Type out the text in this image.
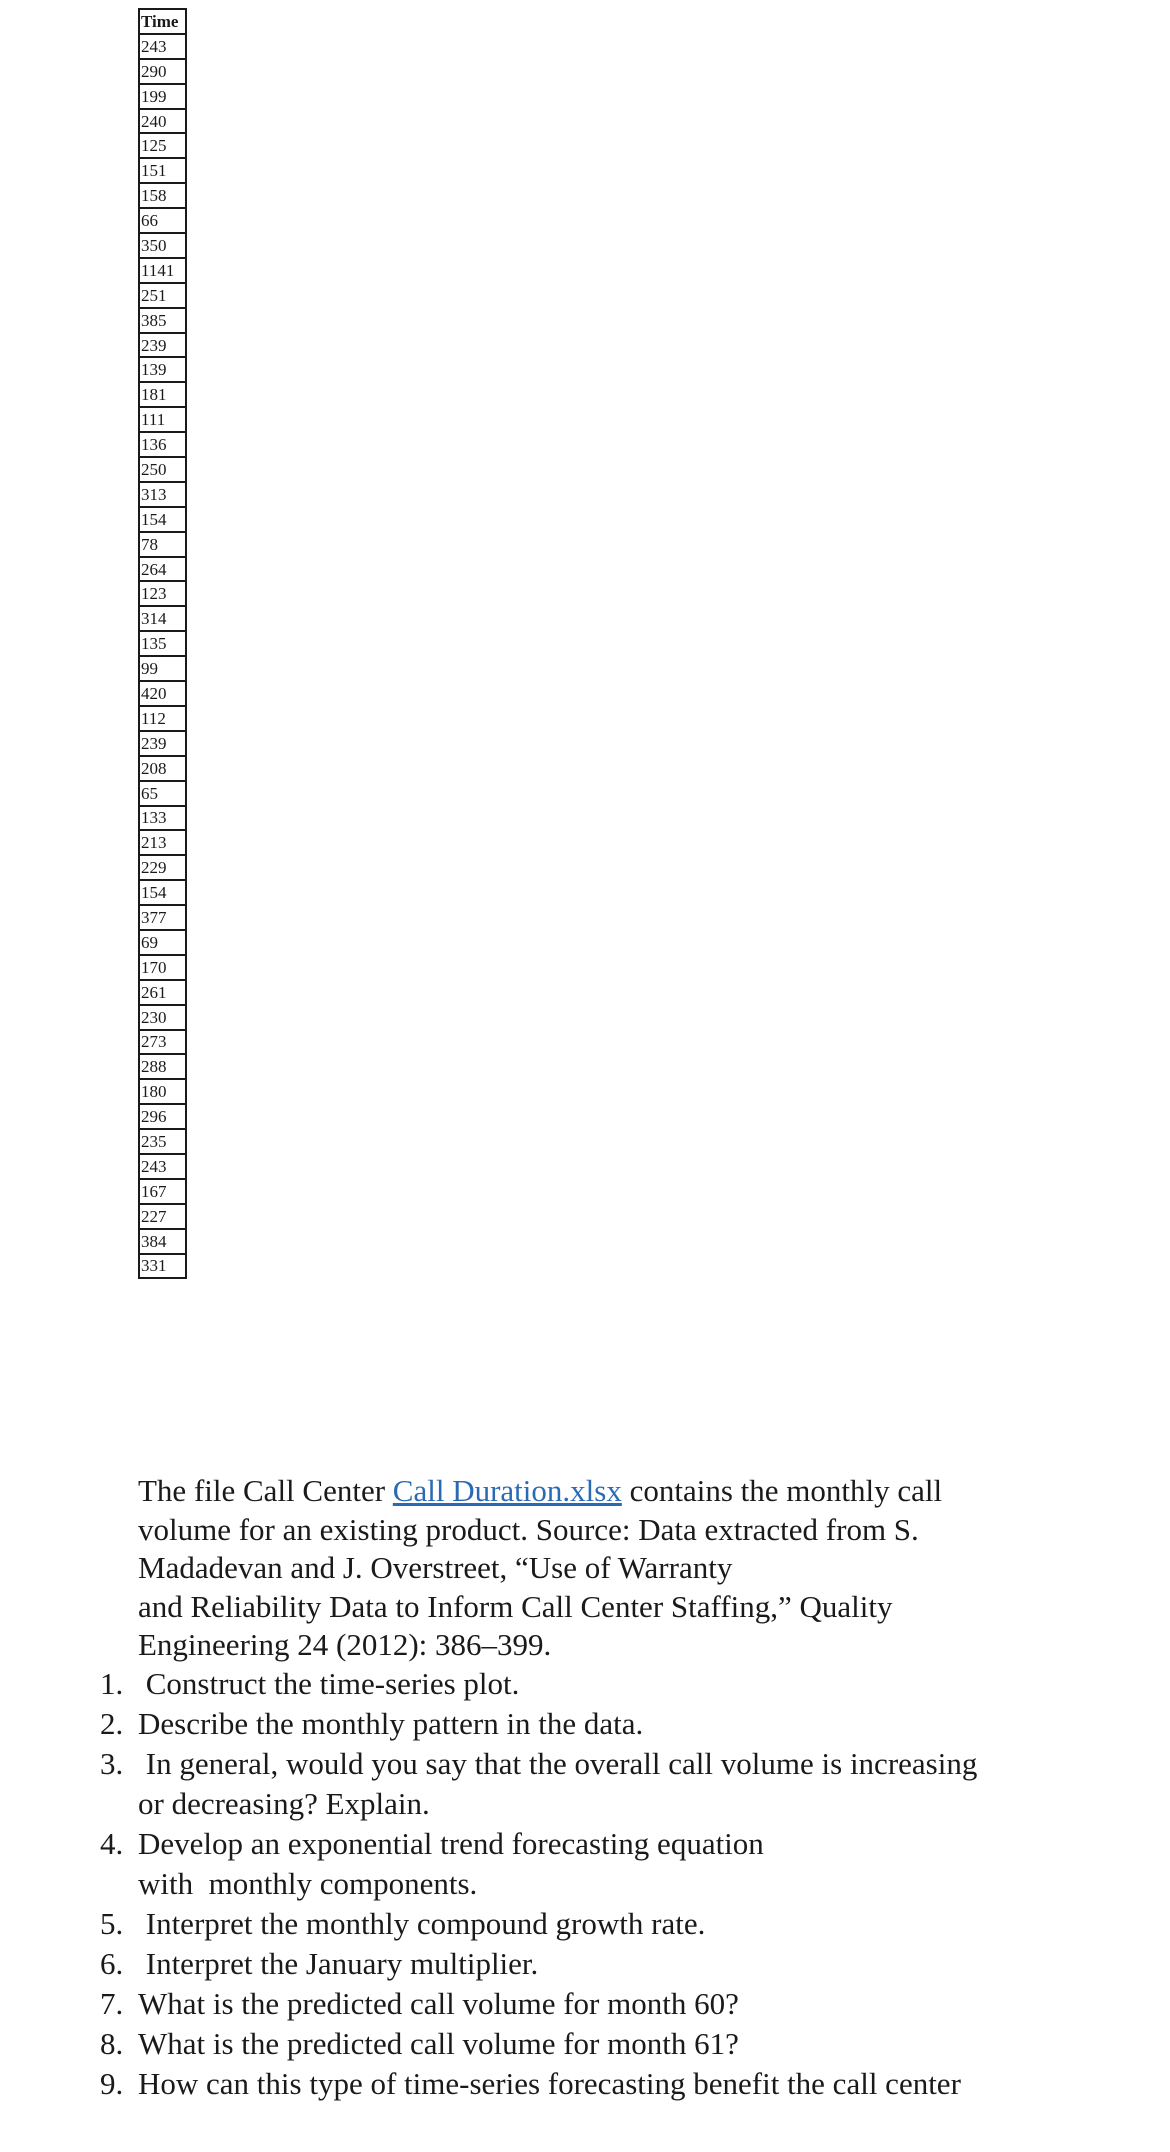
Time
243
290
199
240
125
151
158
66
350
1141
251
385
239
139
181
111
136
250
313
154
78
264
123
314
135
99
420
112
239
208
65
133
213
229
154
377
69
170
261
230
273
288
180
296
235
243
167
227
384
331

The file Call Center Call Duration.xlsx contains the monthly call
volume for an existing product. Source: Data extracted from S.
Madadevan and J. Overstreet, “Use of Warranty
and Reliability Data to Inform Call Center Staffing,” Quality
Engineering 24 (2012): 386–399.

1. Construct the time-series plot.
2. Describe the monthly pattern in the data.
3. In general, would you say that the overall call volume is increasing
or decreasing? Explain.
4. Develop an exponential trend forecasting equation
with  monthly components.
5. Interpret the monthly compound growth rate.
6. Interpret the January multiplier.
7. What is the predicted call volume for month 60?
8. What is the predicted call volume for month 61?
9. How can this type of time-series forecasting benefit the call center
